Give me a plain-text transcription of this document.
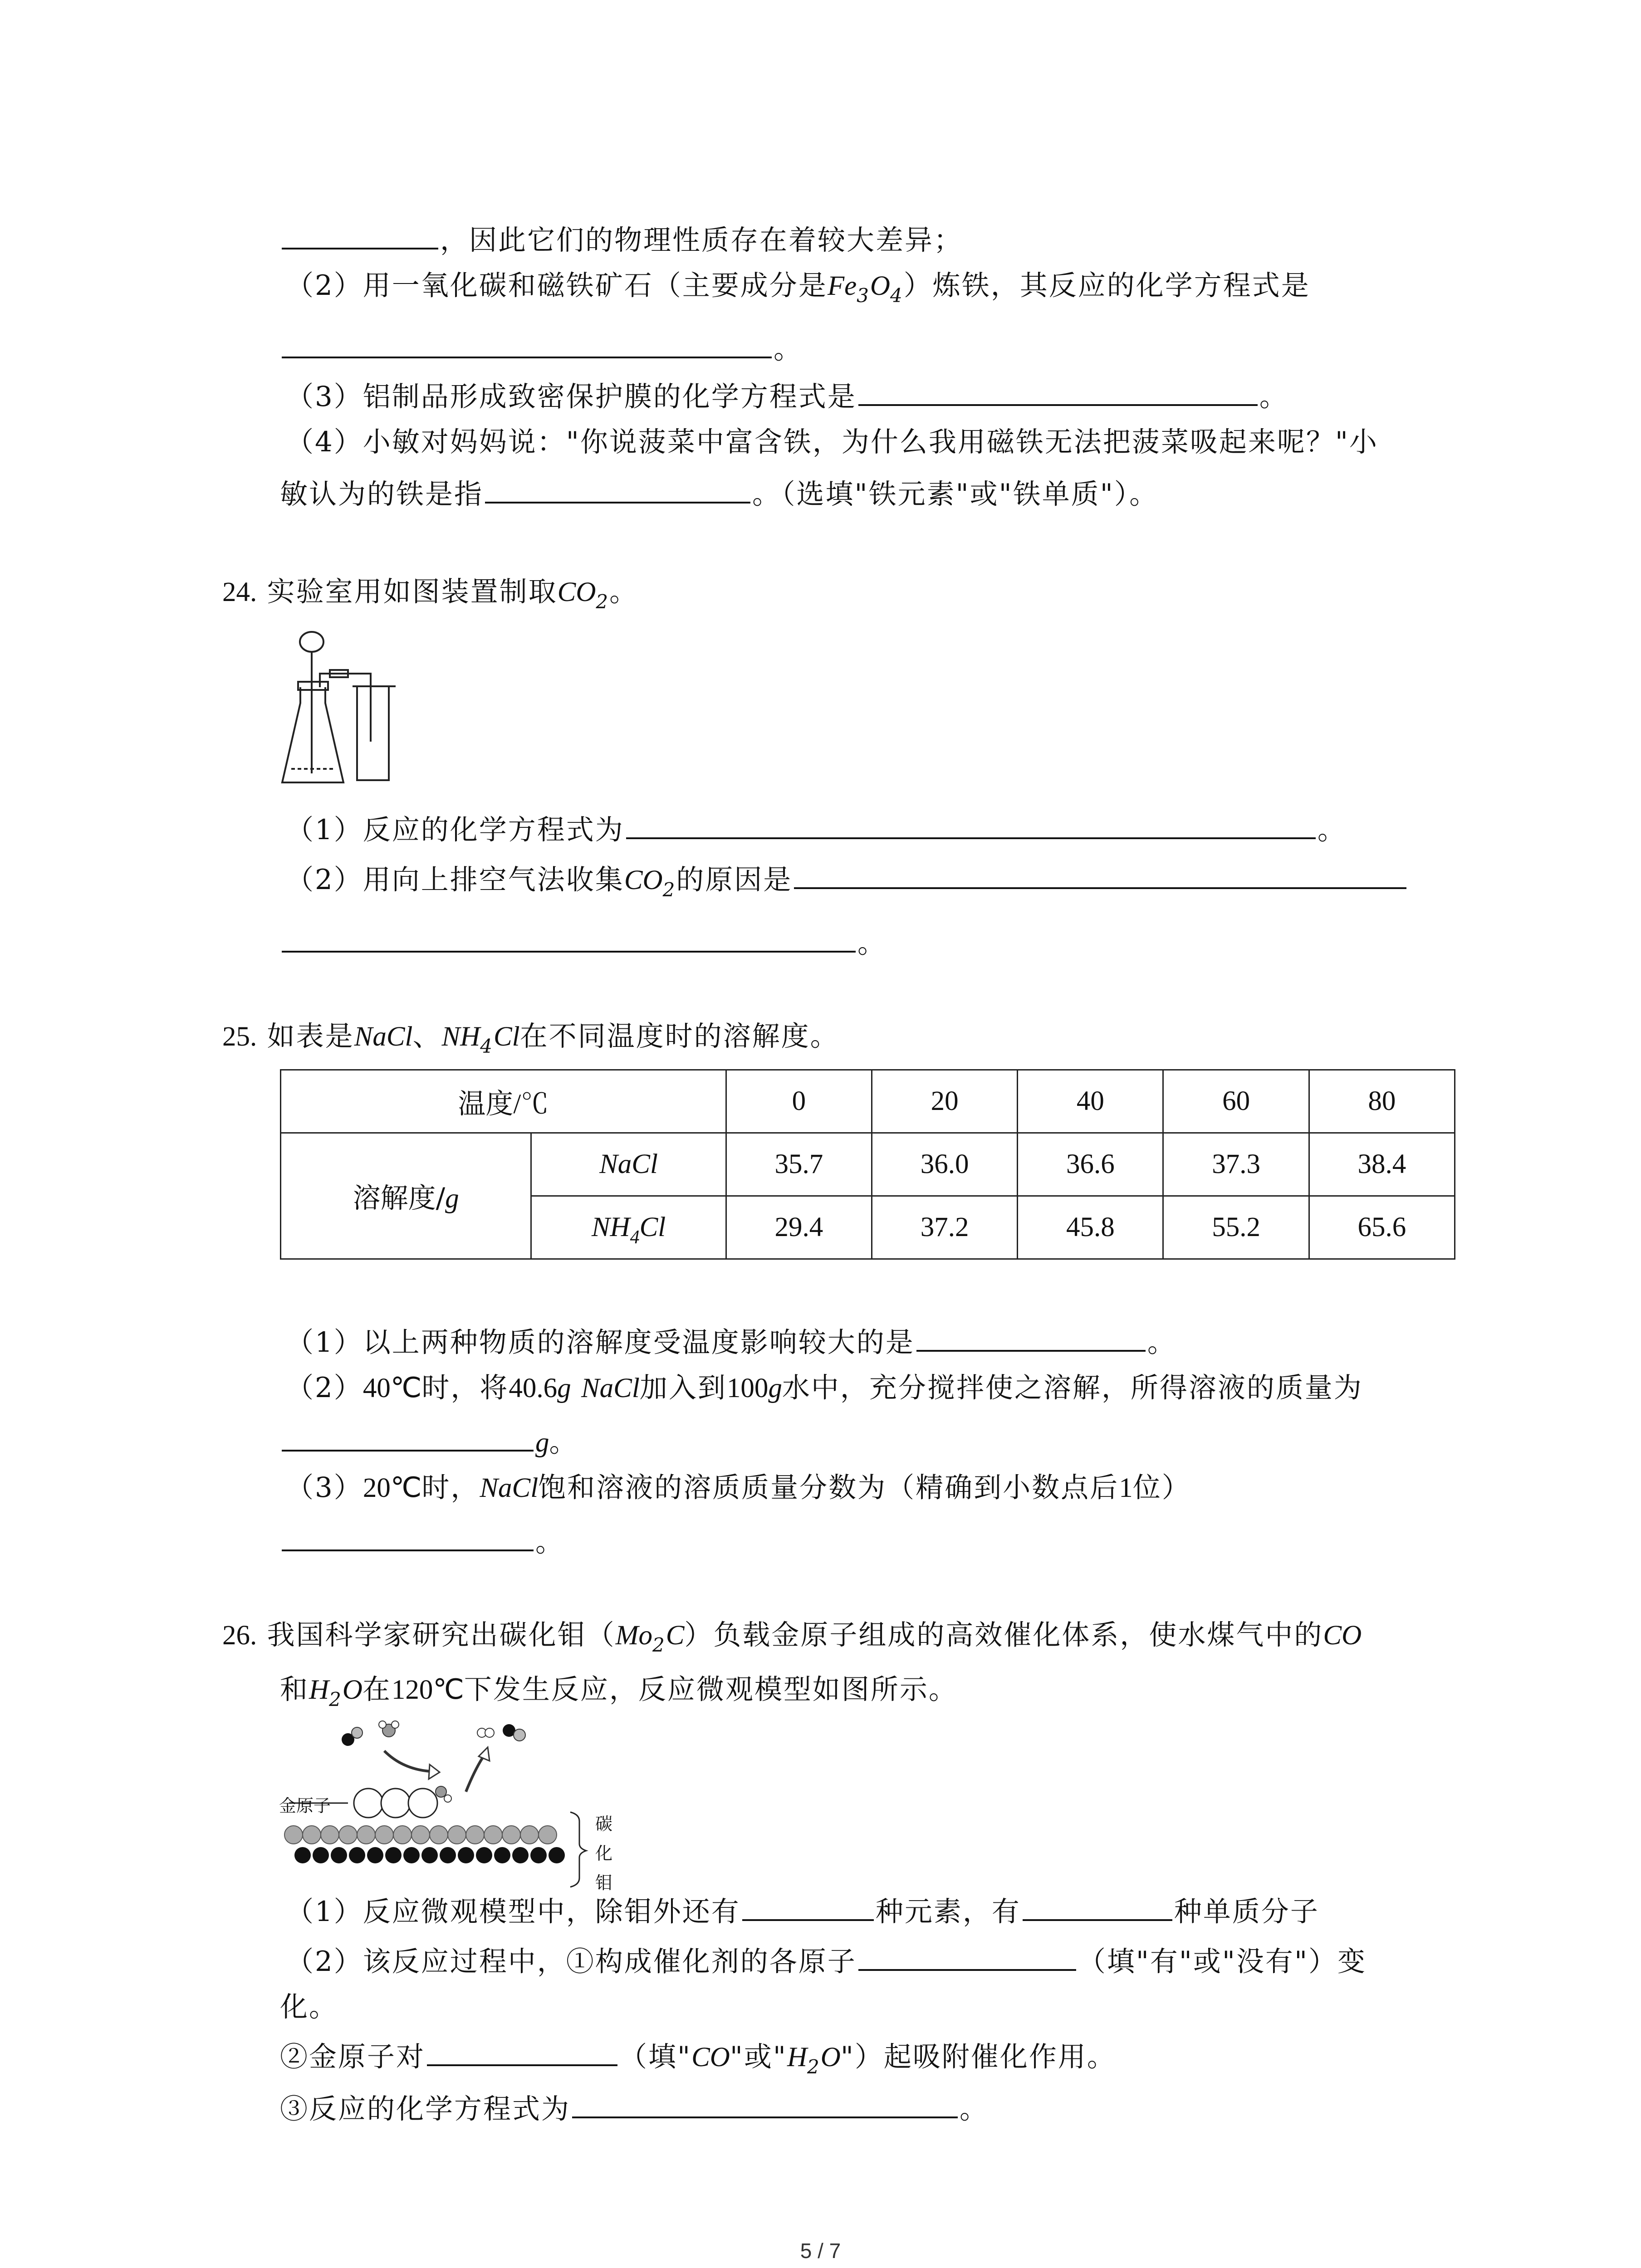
，因此它们的物理性质存在着较大差异；
（2）用一氧化碳和磁铁矿石（主要成分是$Fe_3O_4$）炼铁，其反应的化学方程式是
。
（3）铝制品形成致密保护膜的化学方程式是	。
（4）小敏对妈妈说："你说菠菜中富含铁，为什么我用磁铁无法把菠菜吸起来呢？"小
敏认为的铁是指	。（选填"铁元素"或"铁单质"）。
24. 实验室用如图装置制取$CO_2$。
（1）反应的化学方程式为	。
（2）用向上排空气法收集$CO_2$的原因是
。
25. 如表是NaCl、$NH_4Cl$在不同温度时的溶解度。
温度/℃		0	20	40	60	80
溶解度/g	NaCl	35.7	36.0	36.6	37.3	38.4
	$NH_4Cl$	29.4	37.2	45.8	55.2	65.6
（1）以上两种物质的溶解度受温度影响较大的是	。
（2）40℃时，将40.6g NaCl加入到100g水中，充分搅拌使之溶解，所得溶液的质量为
g。
（3）20℃时，NaCl饱和溶液的溶质质量分数为（精确到小数点后1位）
。
26. 我国科学家研究出碳化钼$(Mo_2C)$负载金原子组成的高效催化体系，使水煤气中的CO
和$H_2O$在120℃下发生反应，反应微观模型如图所示。
金原子
碳
化
钼
（1）反应微观模型中，除钼外还有	种元素，有	种单质分子
（2）该反应过程中，①构成催化剂的各原子	（填"有"或"没有"）变
化。
②金原子对	（填"CO"或"$H_2O$"）起吸附催化作用。
③反应的化学方程式为	。
5 / 7
